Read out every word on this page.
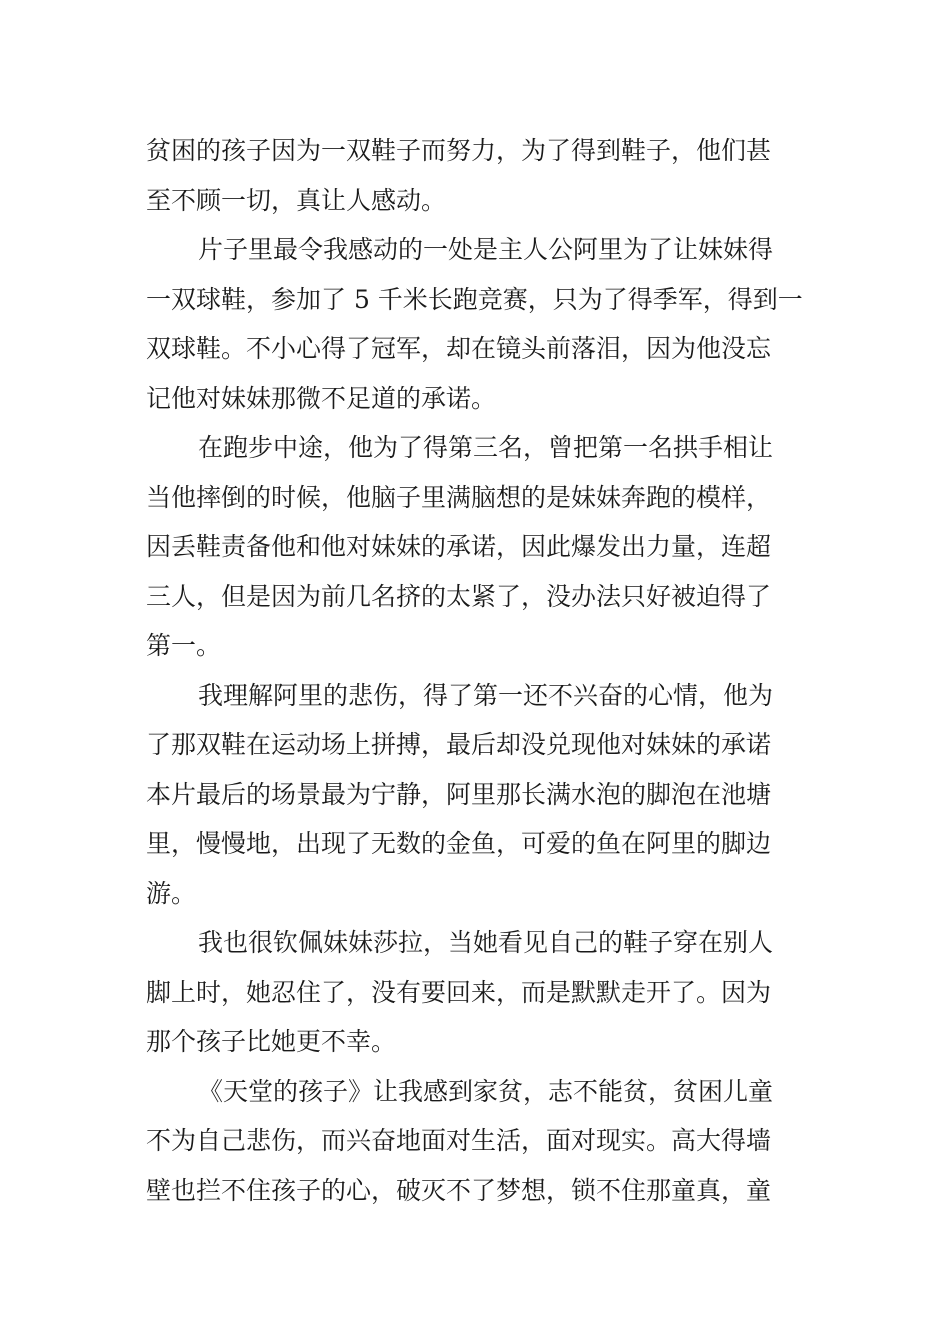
贫困的孩子因为一双鞋子而努力，为了得到鞋子，他们甚
至不顾一切，真让人感动。
片子里最令我感动的一处是主人公阿里为了让妹妹得
一双球鞋，参加了 5 千米长跑竞赛，只为了得季军，得到一
双球鞋。不小心得了冠军，却在镜头前落泪，因为他没忘
记他对妹妹那微不足道的承诺。
在跑步中途，他为了得第三名，曾把第一名拱手相让
当他摔倒的时候，他脑子里满脑想的是妹妹奔跑的模样，
因丢鞋责备他和他对妹妹的承诺，因此爆发出力量，连超
三人，但是因为前几名挤的太紧了，没办法只好被迫得了
第一。
我理解阿里的悲伤，得了第一还不兴奋的心情，他为
了那双鞋在运动场上拼搏，最后却没兑现他对妹妹的承诺
本片最后的场景最为宁静，阿里那长满水泡的脚泡在池塘
里，慢慢地，出现了无数的金鱼，可爱的鱼在阿里的脚边
游。
我也很钦佩妹妹莎拉，当她看见自己的鞋子穿在别人
脚上时，她忍住了，没有要回来，而是默默走开了。因为
那个孩子比她更不幸。
《天堂的孩子》让我感到家贫，志不能贫，贫困儿童
不为自己悲伤，而兴奋地面对生活，面对现实。高大得墙
壁也拦不住孩子的心，破灭不了梦想，锁不住那童真，童
